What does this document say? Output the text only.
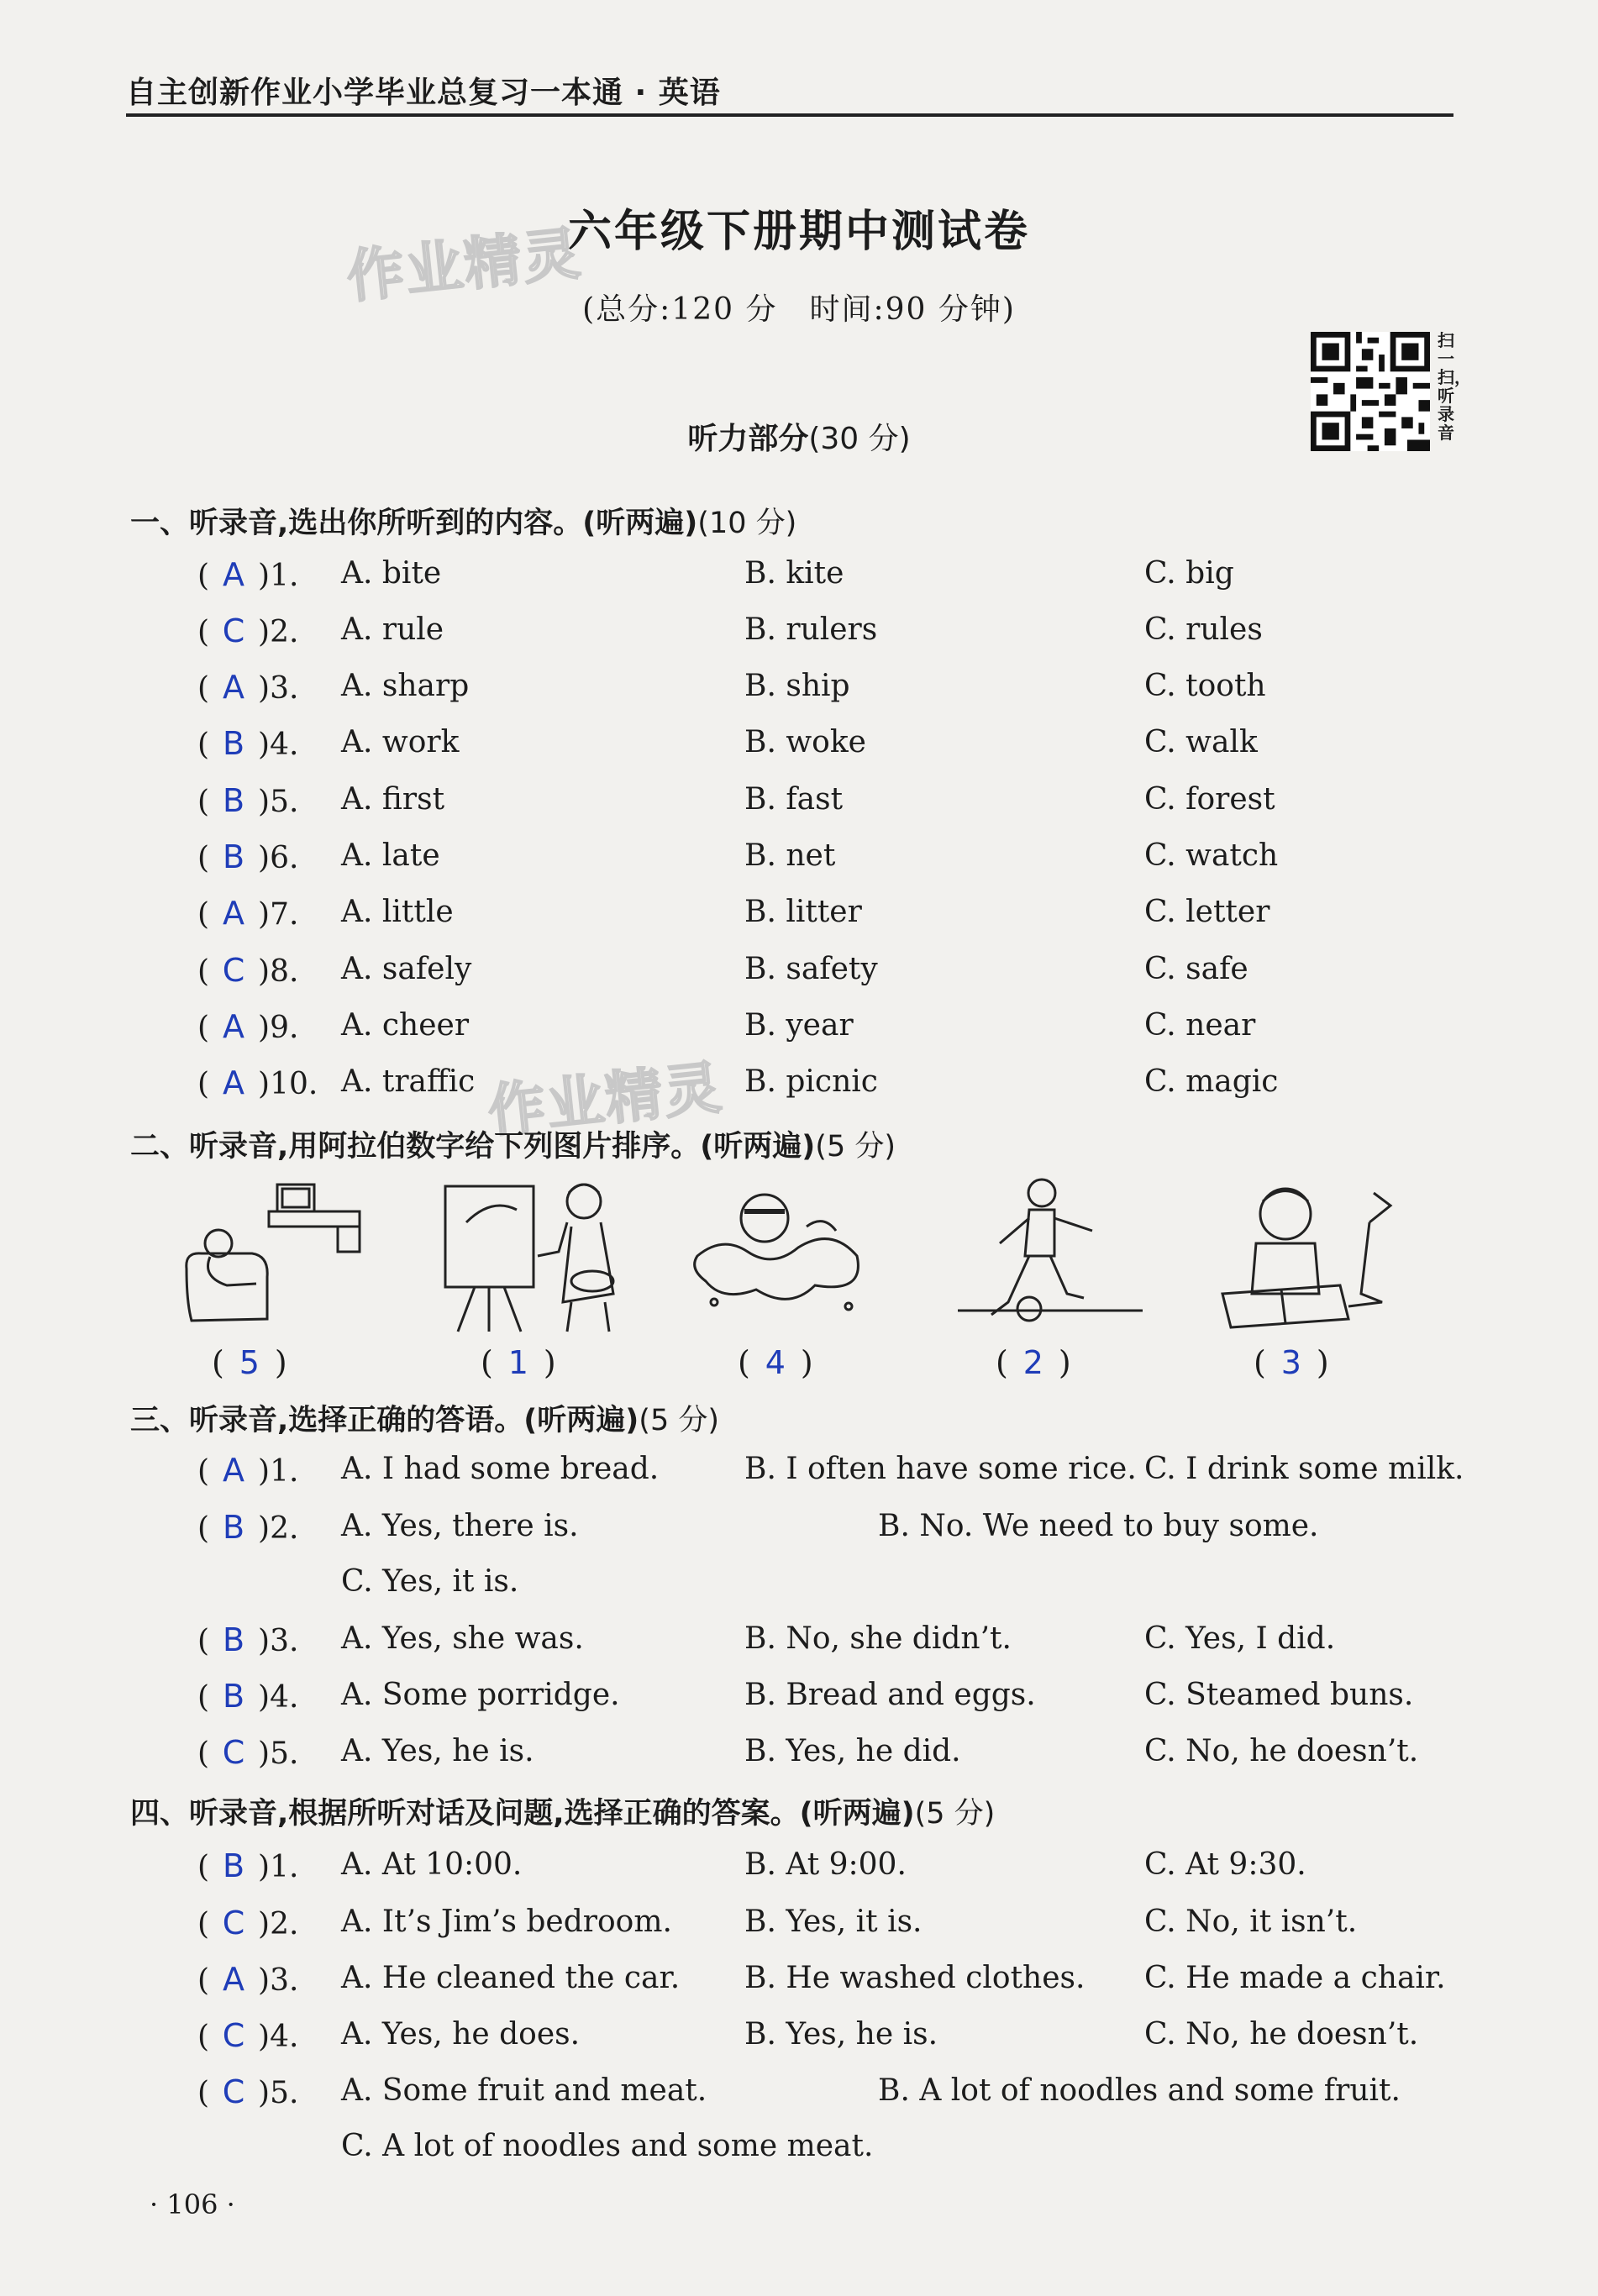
自主创新作业小学毕业总复习一本通 · 英语
作业精灵
作业精灵
六年级下册期中测试卷
(总分:120 分　时间:90 分钟)
扫一扫，听录音
听力部分(30 分)
一、听录音,选出你所听到的内容。(听两遍)(10 分)
( A )1. A. bite	B. kite	C. big
( C )2. A. rule	B. rulers	C. rules
( A )3. A. sharp	B. ship	C. tooth
( B )4. A. work	B. woke	C. walk
( B )5. A. first	B. fast	C. forest
( B )6. A. late	B. net	C. watch
( A )7. A. little	B. litter	C. letter
( C )8. A. safely	B. safety	C. safe
( A )9. A. cheer	B. year	C. near
( A )10. A. traffic	B. picnic	C. magic
二、听录音,用阿拉伯数字给下列图片排序。(听两遍)(5 分)
( 5 )	( 1 )	( 4 )	( 2 )	( 3 )
三、听录音,选择正确的答语。(听两遍)(5 分)
( A )1. A. I had some bread.	B. I often have some rice. C. I drink some milk.
( B )2. A. Yes, there is.	B. No. We need to buy some.
C. Yes, it is.
( B )3. A. Yes, she was.	B. No, she didn’t.	C. Yes, I did.
( B )4. A. Some porridge.	B. Bread and eggs.	C. Steamed buns.
( C )5. A. Yes, he is.	B. Yes, he did.	C. No, he doesn’t.
四、听录音,根据所听对话及问题,选择正确的答案。(听两遍)(5 分)
( B )1. A. At 10:00.	B. At 9:00.	C. At 9:30.
( C )2. A. It’s Jim’s bedroom. B. Yes, it is.	C. No, it isn’t.
( A )3. A. He cleaned the car. B. He washed clothes. C. He made a chair.
( C )4. A. Yes, he does.	B. Yes, he is.	C. No, he doesn’t.
( C )5. A. Some fruit and meat.	B. A lot of noodles and some fruit.
C. A lot of noodles and some meat.
· 106 ·
